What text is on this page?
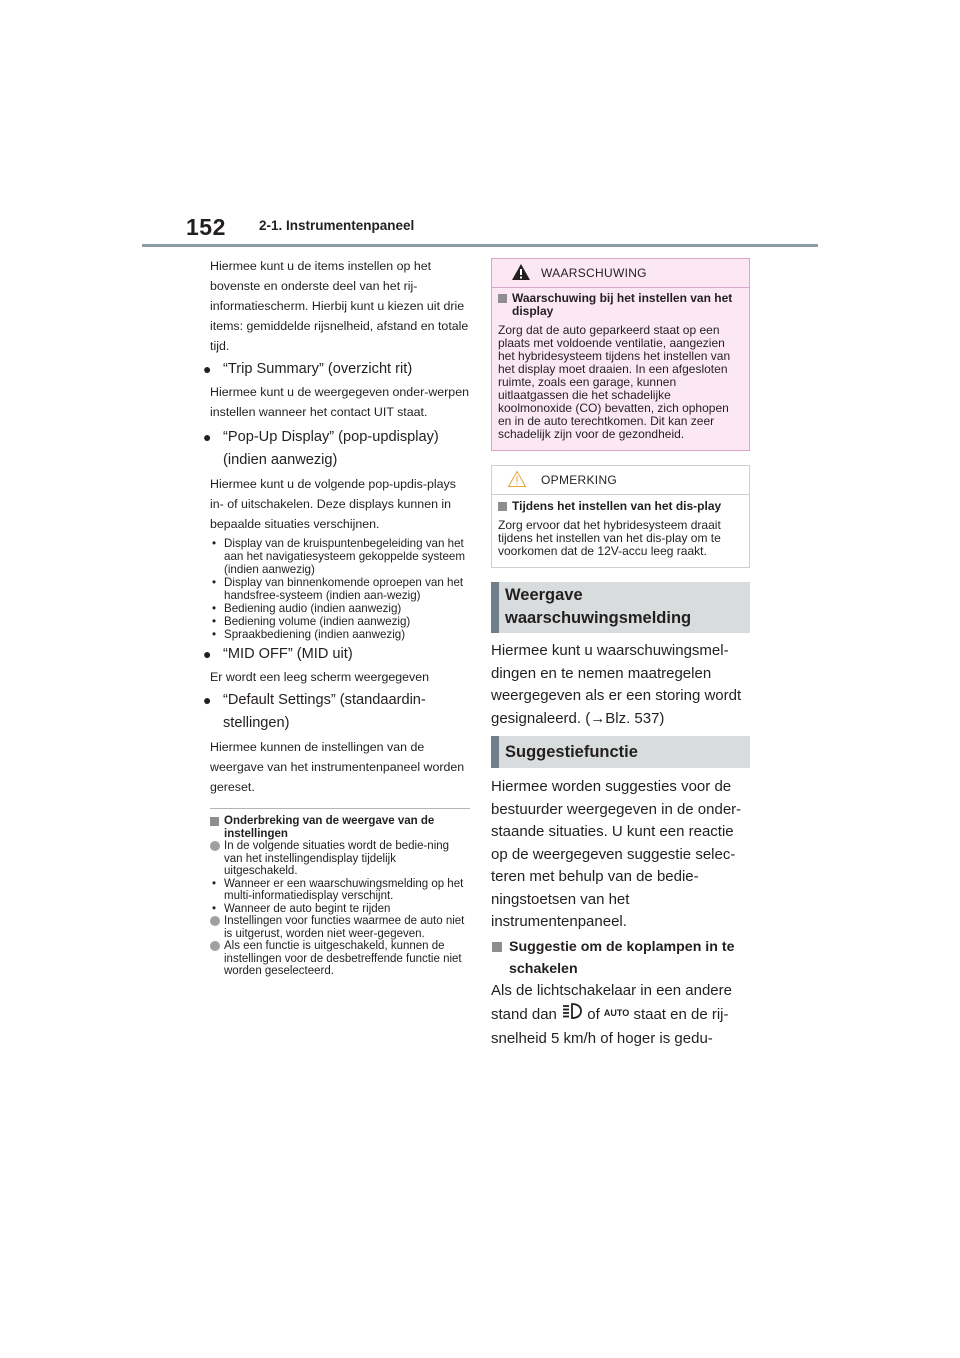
152 2-1. Instrumentenpaneel

Hiermee kunt u de items instellen op het bovenste en onderste deel van het rij-informatiescherm. Hierbij kunt u kiezen uit drie items: gemiddelde rijsnelheid, afstand en totale tijd.

● “Trip Summary” (overzicht rit)

Hiermee kunt u de weergegeven onder-werpen instellen wanneer het contact UIT staat.

● “Pop-Up Display” (pop-updisplay) (indien aanwezig)

Hiermee kunt u de volgende pop-updis-plays in- of uitschakelen. Deze displays kunnen in bepaalde situaties verschijnen.

• Display van de kruispuntenbegeleiding van het aan het navigatiesysteem gekoppelde systeem (indien aanwezig)
• Display van binnenkomende oproepen van het handsfree-systeem (indien aan-wezig)
• Bediening audio (indien aanwezig)
• Bediening volume (indien aanwezig)
• Spraakbediening (indien aanwezig)
● “MID OFF” (MID uit)

Er wordt een leeg scherm weergegeven

● “Default Settings” (standaardin-stellingen)

Hiermee kunnen de instellingen van de weergave van het instrumentenpaneel worden gereset.

Onderbreking van de weergave van de instellingen
In de volgende situaties wordt de bedie-ning van het instellingendisplay tijdelijk uitgeschakeld.
• Wanneer er een waarschuwingsmelding op het multi-informatiedisplay verschijnt.
• Wanneer de auto begint te rijden
Instellingen voor functies waarmee de auto niet is uitgerust, worden niet weer-gegeven.
Als een functie is uitgeschakeld, kunnen de instellingen voor de desbetreffende functie niet worden geselecteerd.
WAARSCHUWING
Waarschuwing bij het instellen van het display
Zorg dat de auto geparkeerd staat op een plaats met voldoende ventilatie, aangezien het hybridesysteem tijdens het instellen van het display moet draaien. In een afgesloten ruimte, zoals een garage, kunnen uitlaatgassen die het schadelijke koolmonoxide (CO) bevatten, zich ophopen en in de auto terechtkomen. Dit kan zeer schadelijk zijn voor de gezondheid.
OPMERKING
Tijdens het instellen van het dis-play
Zorg ervoor dat het hybridesysteem draait tijdens het instellen van het dis-play om te voorkomen dat de 12V-accu leeg raakt.
Weergave waarschuwingsmelding

Hiermee kunt u waarschuwingsmel-dingen en te nemen maatregelen weergegeven als er een storing wordt gesignaleerd. (→Blz. 537)

Suggestiefunctie

Hiermee worden suggesties voor de bestuurder weergegeven in de onder-staande situaties. U kunt een reactie op de weergegeven suggestie selec-teren met behulp van de bedie-ningstoetsen van het instrumentenpaneel.

Suggestie om de koplampen in te schakelen

Als de lichtschakelaar in een andere stand dan of $^{AUTO}$ staat en de rij-snelheid 5 km/h of hoger is gedu-
